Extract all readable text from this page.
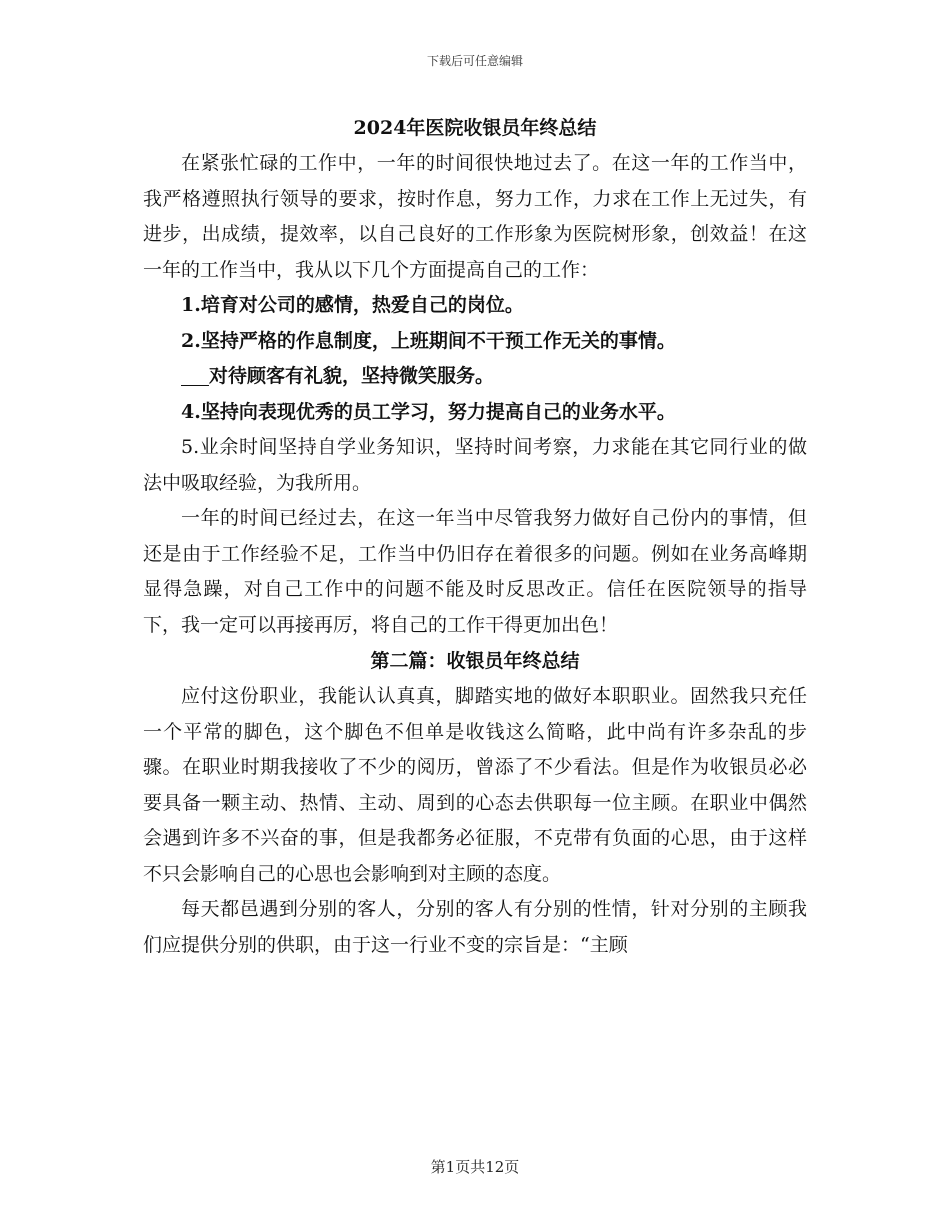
下载后可任意编辑
2024年医院收银员年终总结

在紧张忙碌的工作中，一年的时间很快地过去了。在这一年的工作当中，我严格遵照执行领导的要求，按时作息，努力工作，力求在工作上无过失，有进步，出成绩，提效率，以自己良好的工作形象为医院树形象，创效益！在这一年的工作当中，我从以下几个方面提高自己的工作：

1.培育对公司的感情，热爱自己的岗位。

2.坚持严格的作息制度，上班期间不干预工作无关的事情。

对待顾客有礼貌，坚持微笑服务。

4.坚持向表现优秀的员工学习，努力提高自己的业务水平。

5.业余时间坚持自学业务知识，坚持时间考察，力求能在其它同行业的做法中吸取经验，为我所用。

一年的时间已经过去，在这一年当中尽管我努力做好自己份内的事情，但还是由于工作经验不足，工作当中仍旧存在着很多的问题。例如在业务高峰期显得急躁，对自己工作中的问题不能及时反思改正。信任在医院领导的指导下，我一定可以再接再厉，将自己的工作干得更加出色！

第二篇：收银员年终总结

应付这份职业，我能认认真真，脚踏实地的做好本职职业。固然我只充任一个平常的脚色，这个脚色不但单是收钱这么简略，此中尚有许多杂乱的步骤。在职业时期我接收了不少的阅历，曾添了不少看法。但是作为收银员必必要具备一颗主动、热情、主动、周到的心态去供职每一位主顾。在职业中偶然会遇到许多不兴奋的事，但是我都务必征服，不克带有负面的心思，由于这样不只会影响自己的心思也会影响到对主顾的态度。

每天都邑遇到分别的客人，分别的客人有分别的性情，针对分别的主顾我们应提供分别的供职，由于这一行业不变的宗旨是：“主顾

第1页共12页
